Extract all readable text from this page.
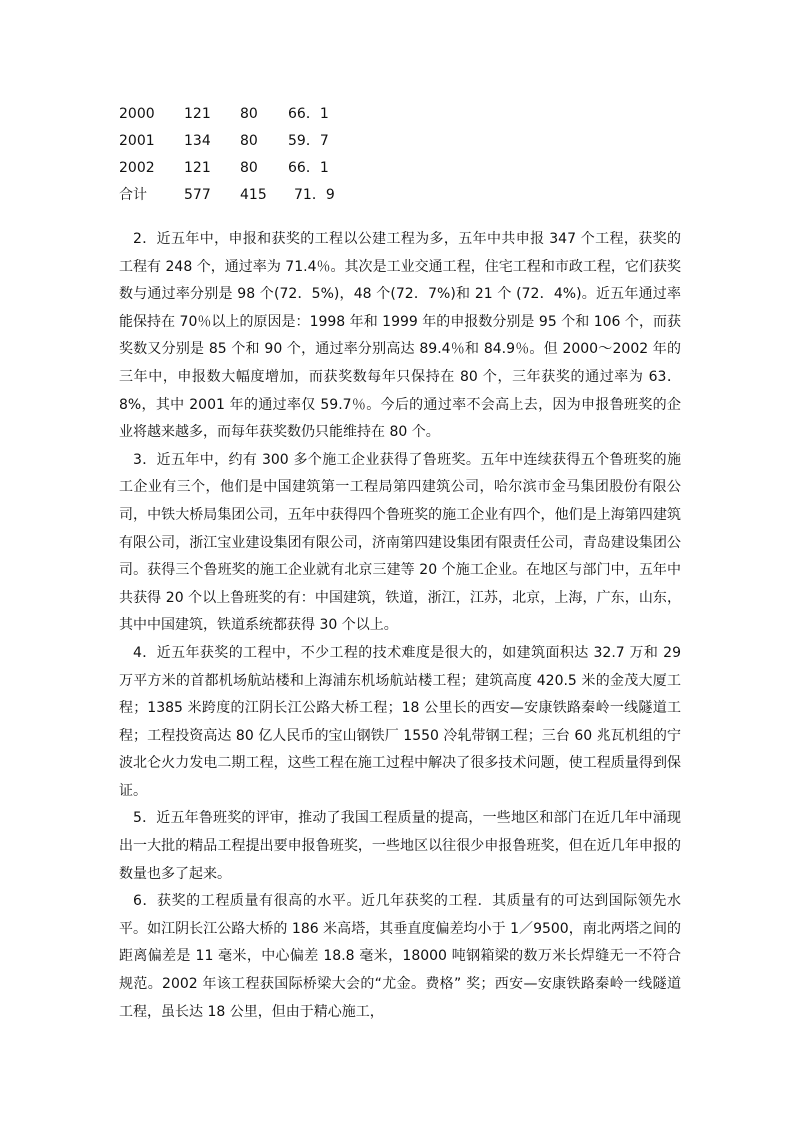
2000 121 80 66．1
2001 134 80 59．7
2002 121 80 66．1
合计	577 415 71．9

2．近五年中，申报和获奖的工程以公建工程为多，五年中共申报 347 个工程，获奖的工程有 248 个，通过率为 71.4％。其次是工业交通工程，住宅工程和市政工程，它们获奖数与通过率分别是 98 个(72．5%)，48 个(72．7%)和 21 个 (72．4%)。近五年通过率能保持在 70％以上的原因是：1998 年和 1999 年的申报数分别是 95 个和 106 个，而获奖数又分别是 85 个和 90 个，通过率分别高达 89.4％和 84.9％。但 2000～2002 年的三年中，申报数大幅度增加，而获奖数每年只保持在 80 个，三年获奖的通过率为 63．8%，其中 2001 年的通过率仅 59.7％。今后的通过率不会高上去，因为申报鲁班奖的企业将越来越多，而每年获奖数仍只能维持在 80 个。

3．近五年中，约有 300 多个施工企业获得了鲁班奖。五年中连续获得五个鲁班奖的施工企业有三个，他们是中国建筑第一工程局第四建筑公司，哈尔滨市金马集团股份有限公司，中铁大桥局集团公司，五年中获得四个鲁班奖的施工企业有四个，他们是上海第四建筑有限公司，浙江宝业建设集团有限公司，济南第四建设集团有限责任公司，青岛建设集团公司。获得三个鲁班奖的施工企业就有北京三建等 20 个施工企业。在地区与部门中，五年中共获得 20 个以上鲁班奖的有：中国建筑，铁道，浙江，江苏，北京，上海，广东，山东，其中中国建筑，铁道系统都获得 30 个以上。

4．近五年获奖的工程中，不少工程的技术难度是很大的，如建筑面积达 32.7 万和 29 万平方米的首都机场航站楼和上海浦东机场航站楼工程；建筑高度 420.5 米的金茂大厦工程；1385 米跨度的江阴长江公路大桥工程；18 公里长的西安—安康铁路秦岭一线隧道工程；工程投资高达 80 亿人民币的宝山钢铁厂 1550 冷轧带钢工程；三台 60 兆瓦机组的宁波北仑火力发电二期工程，这些工程在施工过程中解决了很多技术问题，使工程质量得到保证。

5．近五年鲁班奖的评审，推动了我国工程质量的提高，一些地区和部门在近几年中涌现出一大批的精品工程提出要申报鲁班奖，一些地区以往很少申报鲁班奖，但在近几年申报的数量也多了起来。

6．获奖的工程质量有很高的水平。近几年获奖的工程．其质量有的可达到国际领先水平。如江阴长江公路大桥的 186 米高塔，其垂直度偏差均小于 1／9500，南北两塔之间的距离偏差是 11 毫米，中心偏差 18.8 毫米，18000 吨钢箱梁的数万米长焊缝无一不符合规范。2002 年该工程获国际桥梁大会的“尤金。费格” 奖；西安—安康铁路秦岭一线隧道工程，虽长达 18 公里，但由于精心施工，
